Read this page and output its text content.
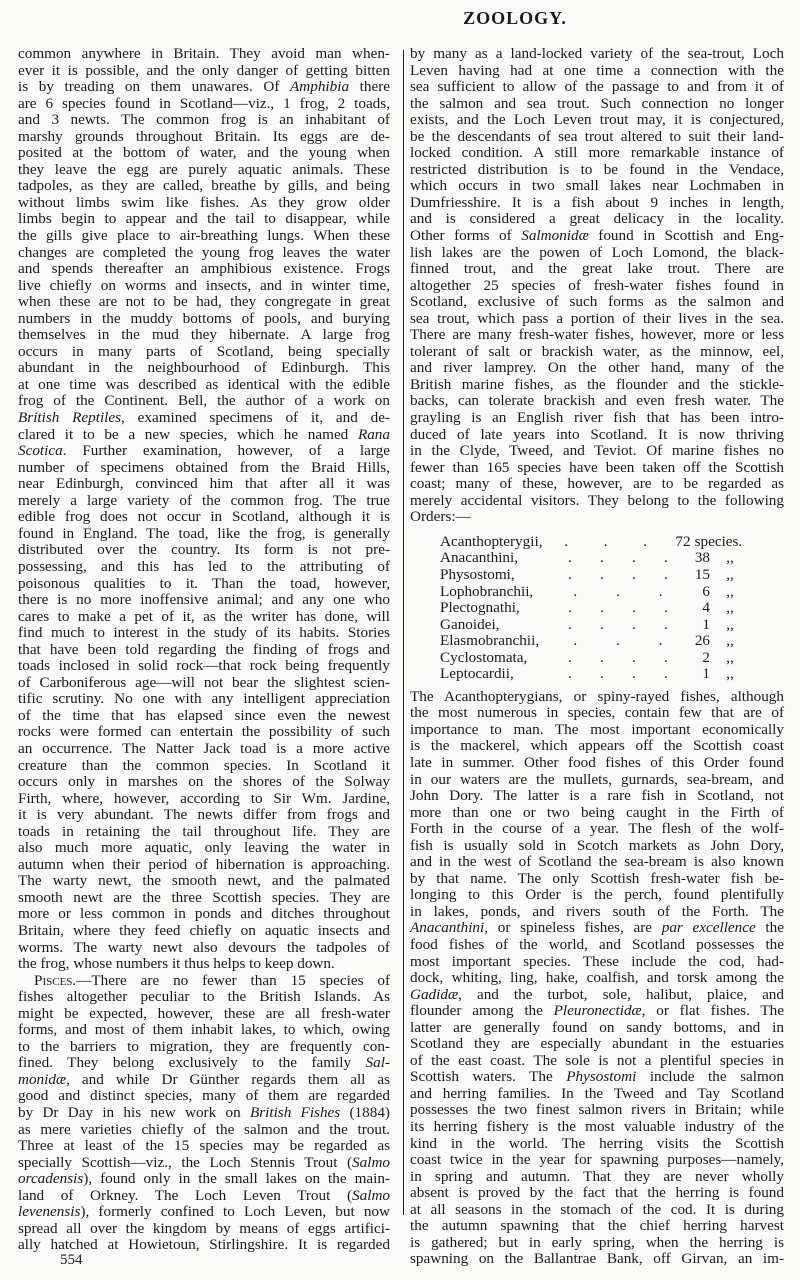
ZOOLOGY.
common anywhere in Britain. They avoid man when-
ever it is possible, and the only danger of getting bitten
is by treading on them unawares. Of Amphibia there
are 6 species found in Scotland—viz., 1 frog, 2 toads,
and 3 newts. The common frog is an inhabitant of
marshy grounds throughout Britain. Its eggs are de-
posited at the bottom of water, and the young when
they leave the egg are purely aquatic animals. These
tadpoles, as they are called, breathe by gills, and being
without limbs swim like fishes. As they grow older
limbs begin to appear and the tail to disappear, while
the gills give place to air-breathing lungs. When these
changes are completed the young frog leaves the water
and spends thereafter an amphibious existence. Frogs
live chiefly on worms and insects, and in winter time,
when these are not to be had, they congregate in great
numbers in the muddy bottoms of pools, and burying
themselves in the mud they hibernate. A large frog
occurs in many parts of Scotland, being specially
abundant in the neighbourhood of Edinburgh. This
at one time was described as identical with the edible
frog of the Continent. Bell, the author of a work on
British Reptiles, examined specimens of it, and de-
clared it to be a new species, which he named Rana
Scotica. Further examination, however, of a large
number of specimens obtained from the Braid Hills,
near Edinburgh, convinced him that after all it was
merely a large variety of the common frog. The true
edible frog does not occur in Scotland, although it is
found in England. The toad, like the frog, is generally
distributed over the country. Its form is not pre-
possessing, and this has led to the attributing of
poisonous qualities to it. Than the toad, however,
there is no more inoffensive animal; and any one who
cares to make a pet of it, as the writer has done, will
find much to interest in the study of its habits. Stories
that have been told regarding the finding of frogs and
toads inclosed in solid rock—that rock being frequently
of Carboniferous age—will not bear the slightest scien-
tific scrutiny. No one with any intelligent appreciation
of the time that has elapsed since even the newest
rocks were formed can entertain the possibility of such
an occurrence. The Natter Jack toad is a more active
creature than the common species. In Scotland it
occurs only in marshes on the shores of the Solway
Firth, where, however, according to Sir Wm. Jardine,
it is very abundant. The newts differ from frogs and
toads in retaining the tail throughout life. They are
also much more aquatic, only leaving the water in
autumn when their period of hibernation is approaching.
The warty newt, the smooth newt, and the palmated
smooth newt are the three Scottish species. They are
more or less common in ponds and ditches throughout
Britain, where they feed chiefly on aquatic insects and
worms. The warty newt also devours the tadpoles of
the frog, whose numbers it thus helps to keep down.
Pisces.—There are no fewer than 15 species of
fishes altogether peculiar to the British Islands. As
might be expected, however, these are all fresh-water
forms, and most of them inhabit lakes, to which, owing
to the barriers to migration, they are frequently con-
fined. They belong exclusively to the family Sal-
monidæ, and while Dr Günther regards them all as
good and distinct species, many of them are regarded
by Dr Day in his new work on British Fishes (1884)
as mere varieties chiefly of the salmon and the trout.
Three at least of the 15 species may be regarded as
specially Scottish—viz., the Loch Stennis Trout (Salmo
orcadensis), found only in the small lakes on the main-
land of Orkney. The Loch Leven Trout (Salmo
levenensis), formerly confined to Loch Leven, but now
spread all over the kingdom by means of eggs artifici-
ally hatched at Howietoun, Stirlingshire. It is regarded
by many as a land-locked variety of the sea-trout, Loch
Leven having had at one time a connection with the
sea sufficient to allow of the passage to and from it of
the salmon and sea trout. Such connection no longer
exists, and the Loch Leven trout may, it is conjectured,
be the descendants of sea trout altered to suit their land-
locked condition. A still more remarkable instance of
restricted distribution is to be found in the Vendace,
which occurs in two small lakes near Lochmaben in
Dumfriesshire. It is a fish about 9 inches in length,
and is considered a great delicacy in the locality.
Other forms of Salmonidæ found in Scottish and Eng-
lish lakes are the powen of Loch Lomond, the black-
finned trout, and the great lake trout. There are
altogether 25 species of fresh-water fishes found in
Scotland, exclusive of such forms as the salmon and
sea trout, which pass a portion of their lives in the sea.
There are many fresh-water fishes, however, more or less
tolerant of salt or brackish water, as the minnow, eel,
and river lamprey. On the other hand, many of the
British marine fishes, as the flounder and the stickle-
backs, can tolerate brackish and even fresh water. The
grayling is an English river fish that has been intro-
duced of late years into Scotland. It is now thriving
in the Clyde, Tweed, and Teviot. Of marine fishes no
fewer than 165 species have been taken off the Scottish
coast; many of these, however, are to be regarded as
merely accidental visitors. They belong to the following
Orders:—
Acanthopterygii, . . .	72 species.
Anacanthini,	. . . .	38	,,
Physostomi,	. . . .	15	,,
Lophobranchii,	.	.	.	6	,,
Plectognathi,	. . . .	4	,,
Ganoidei,	. . . .	1	,,
Elasmobranchii,	.	.	.	26	,,
Cyclostomata,	. . . .	2	,,
Leptocardii,	. . . .	1	,,
The Acanthopterygians, or spiny-rayed fishes, although
the most numerous in species, contain few that are of
importance to man. The most important economically
is the mackerel, which appears off the Scottish coast
late in summer. Other food fishes of this Order found
in our waters are the mullets, gurnards, sea-bream, and
John Dory. The latter is a rare fish in Scotland, not
more than one or two being caught in the Firth of
Forth in the course of a year. The flesh of the wolf-
fish is usually sold in Scotch markets as John Dory,
and in the west of Scotland the sea-bream is also known
by that name. The only Scottish fresh-water fish be-
longing to this Order is the perch, found plentifully
in lakes, ponds, and rivers south of the Forth. The
Anacanthini, or spineless fishes, are par excellence the
food fishes of the world, and Scotland possesses the
most important species. These include the cod, had-
dock, whiting, ling, hake, coalfish, and torsk among the
Gadidæ, and the turbot, sole, halibut, plaice, and
flounder among the Pleuronectidæ, or flat fishes. The
latter are generally found on sandy bottoms, and in
Scotland they are especially abundant in the estuaries
of the east coast. The sole is not a plentiful species in
Scottish waters. The Physostomi include the salmon
and herring families. In the Tweed and Tay Scotland
possesses the two finest salmon rivers in Britain; while
its herring fishery is the most valuable industry of the
kind in the world. The herring visits the Scottish
coast twice in the year for spawning purposes—namely,
in spring and autumn. That they are never wholly
absent is proved by the fact that the herring is found
at all seasons in the stomach of the cod. It is during
the autumn spawning that the chief herring harvest
is gathered; but in early spring, when the herring is
spawning on the Ballantrae Bank, off Girvan, an im-
554
